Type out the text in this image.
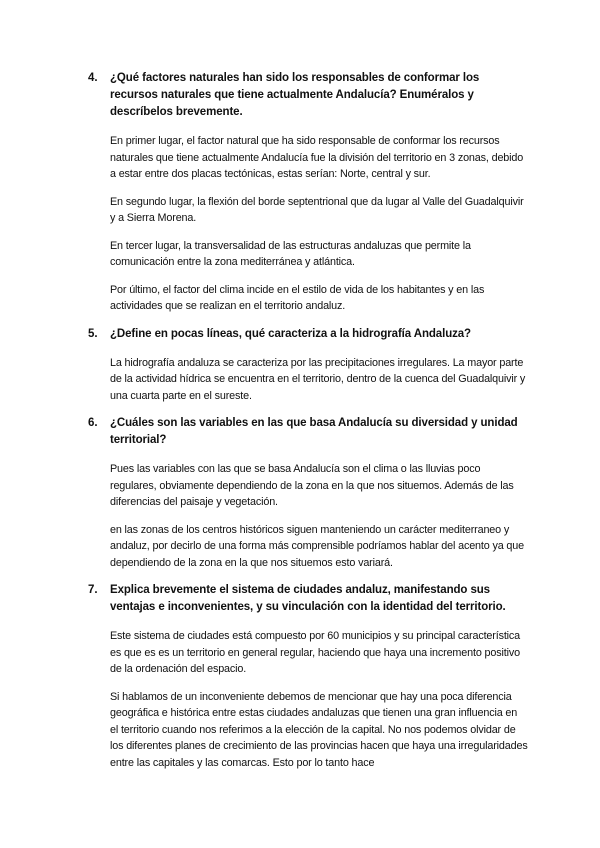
4.	¿Qué factores naturales han sido los responsables de conformar los recursos naturales que tiene actualmente Andalucía? Enuméralos y descríbelos brevemente.
En primer lugar, el factor natural que ha sido responsable de conformar los recursos naturales que tiene actualmente Andalucía fue la división del territorio en 3 zonas, debido a estar entre dos placas tectónicas, estas serían: Norte, central y sur.
En segundo lugar, la flexión del borde septentrional que da lugar al Valle del Guadalquivir y a Sierra Morena.
En tercer lugar, la transversalidad de las estructuras andaluzas que permite la comunicación entre la zona mediterránea y atlántica.
Por último, el factor del clima incide en el estilo de vida de los habitantes y en las actividades que se realizan en el territorio andaluz.
5.	¿Define en pocas líneas, qué caracteriza a la hidrografía Andaluza?
La hidrografía andaluza se caracteriza por las precipitaciones irregulares. La mayor parte de la actividad hídrica se encuentra en el territorio, dentro de la cuenca del Guadalquivir y una cuarta parte en el sureste.
6.	¿Cuáles son las variables en las que basa Andalucía su diversidad y unidad territorial?
Pues las variables con las que se basa Andalucía son el clima o las lluvias poco regulares, obviamente dependiendo de la zona en la que nos situemos. Además de las diferencias del paisaje y vegetación.
en las zonas de los centros históricos siguen manteniendo un carácter mediterraneo y andaluz, por decirlo de una forma más comprensible podríamos hablar del acento ya que dependiendo de la zona en la que nos situemos esto variará.
7.	Explica brevemente el sistema de ciudades andaluz, manifestando sus ventajas e inconvenientes, y su vinculación con la identidad del territorio.
Este sistema de ciudades está compuesto por 60 municipios y su principal característica es que es es un territorio en general regular, haciendo que haya una incremento positivo de la ordenación del espacio.
Si hablamos de un inconveniente debemos de mencionar que hay una poca diferencia geográfica e histórica entre estas ciudades andaluzas que tienen una gran influencia en el territorio cuando nos referimos a la elección de la capital. No nos podemos olvidar de los diferentes planes de crecimiento de las provincias hacen que haya una irregularidades entre las capitales y las comarcas. Esto por lo tanto hace
